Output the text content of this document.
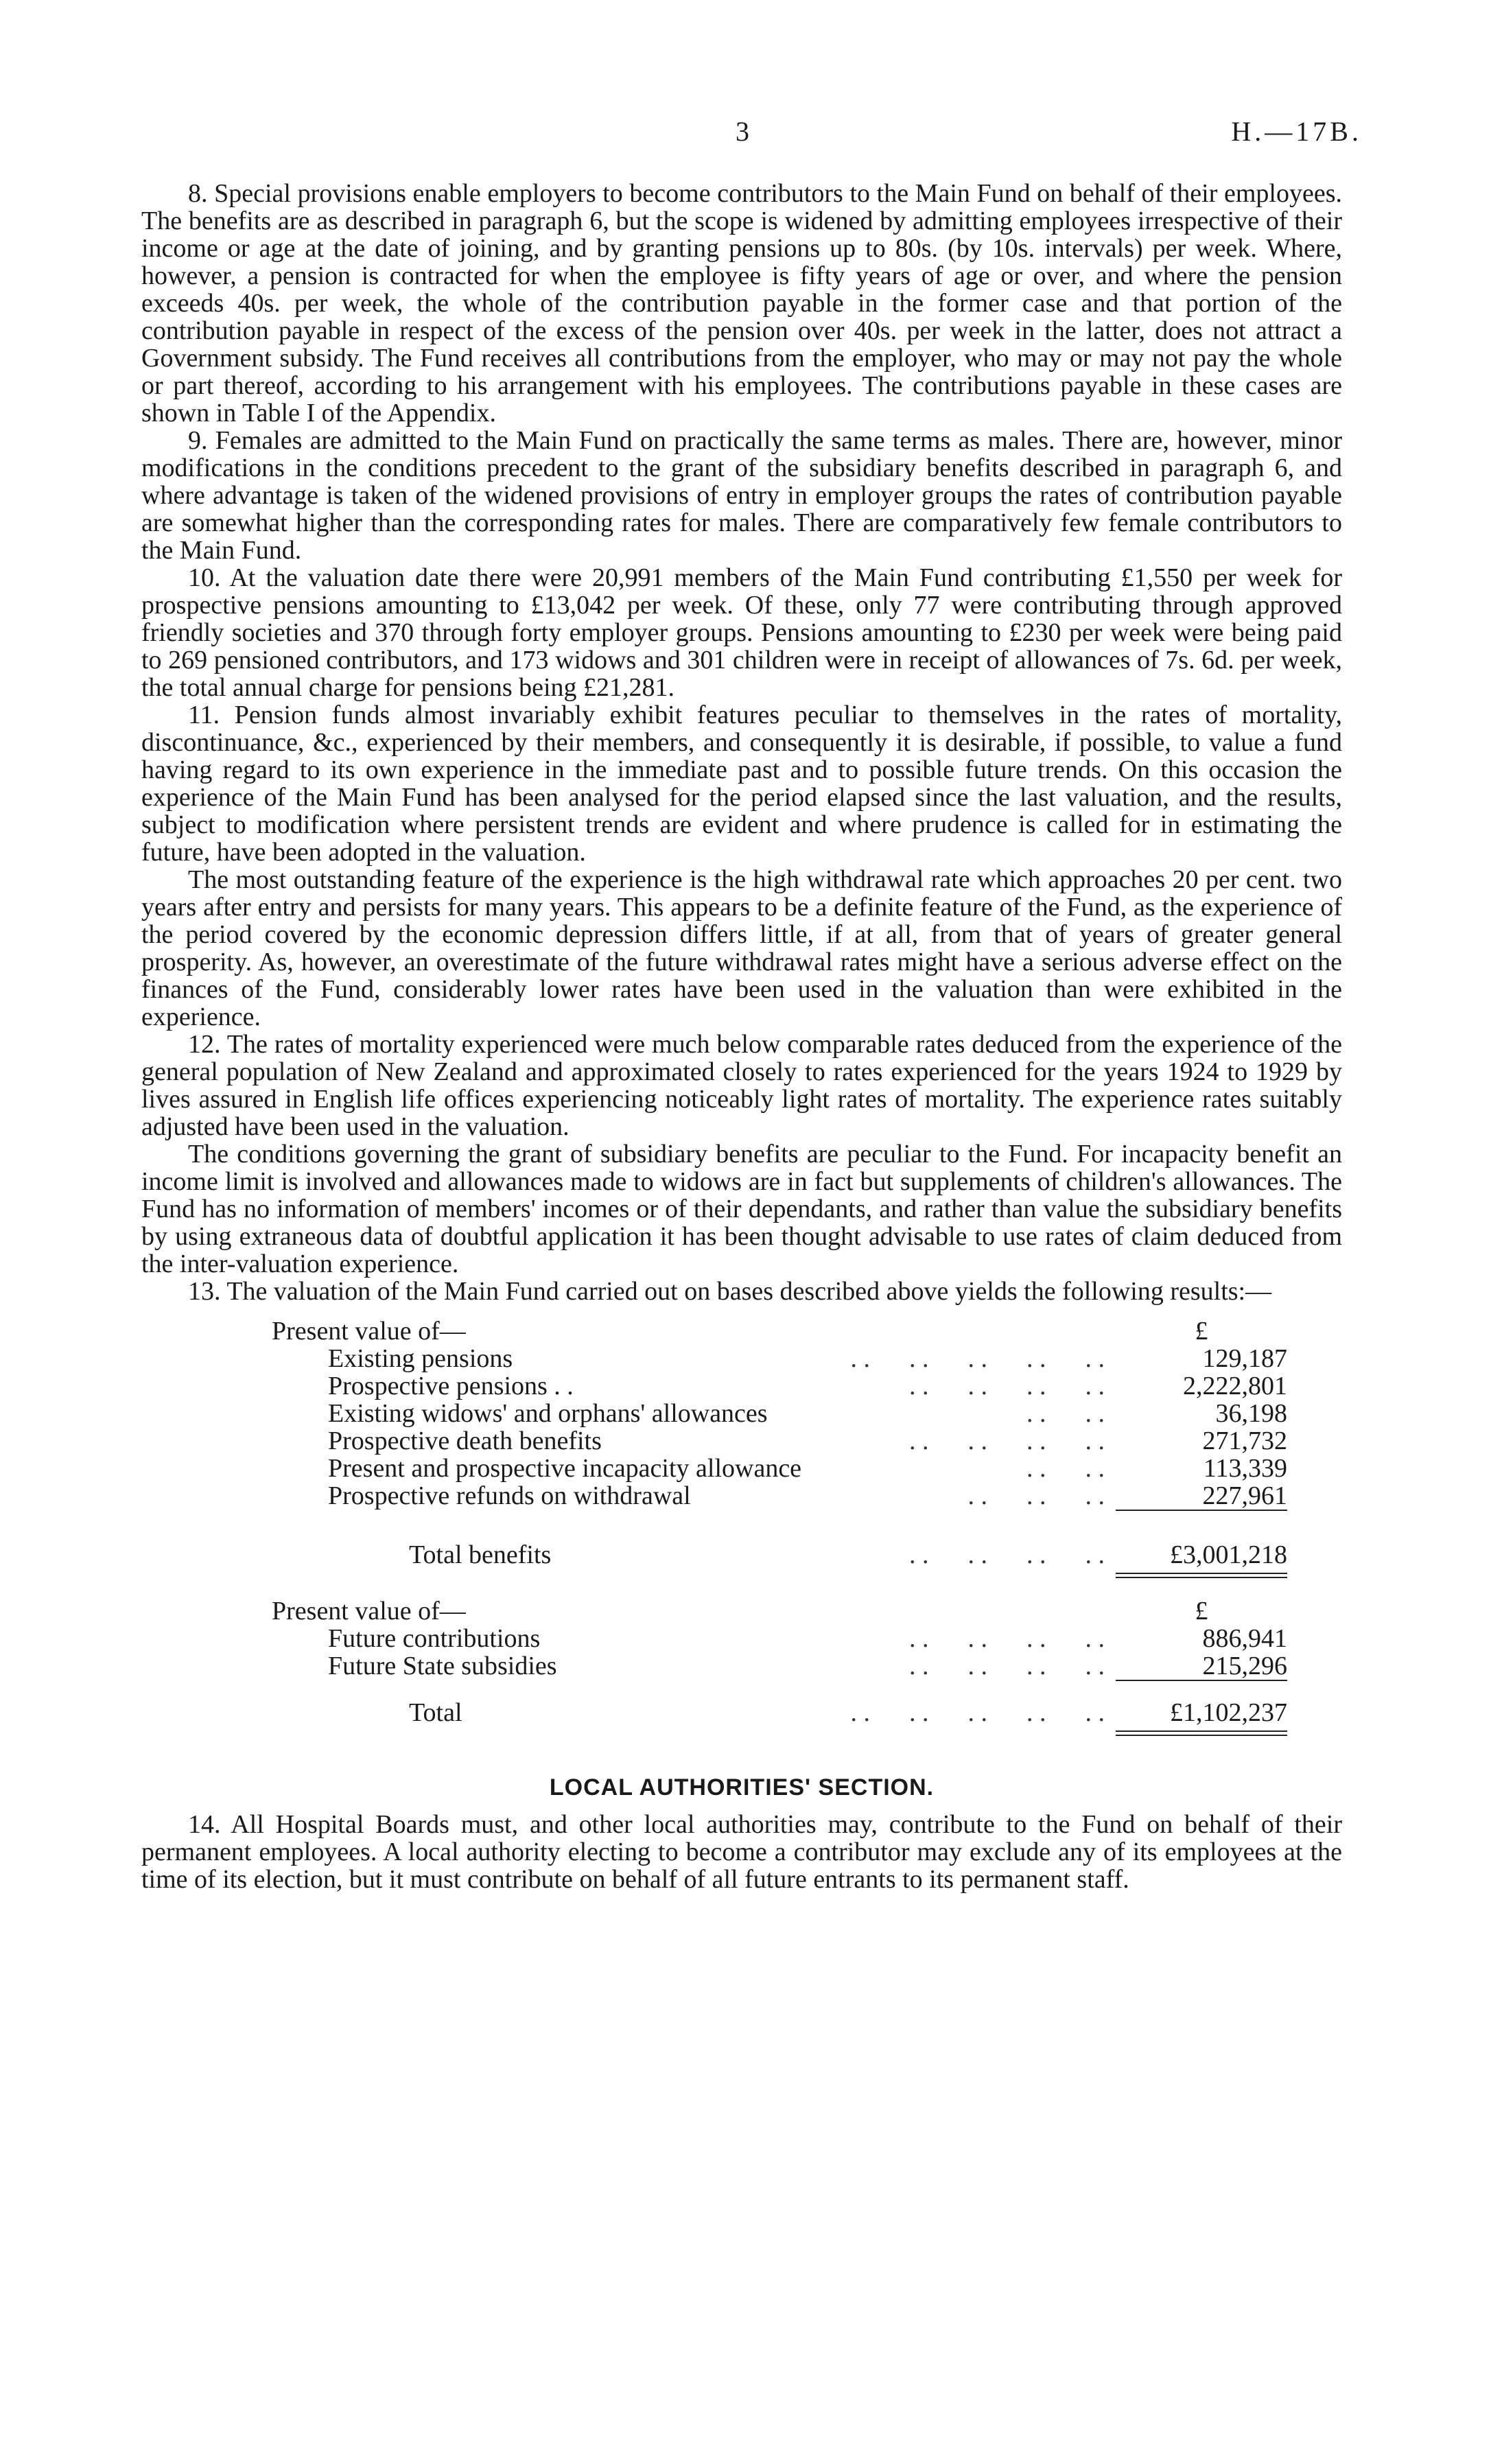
3	H.—17B.

8. Special provisions enable employers to become contributors to the Main Fund on behalf of their employees. The benefits are as described in paragraph 6, but the scope is widened by admitting employees irrespective of their income or age at the date of joining, and by granting pensions up to 80s. (by 10s. intervals) per week. Where, however, a pension is contracted for when the employee is fifty years of age or over, and where the pension exceeds 40s. per week, the whole of the contribution payable in the former case and that portion of the contribution payable in respect of the excess of the pension over 40s. per week in the latter, does not attract a Government subsidy. The Fund receives all contributions from the employer, who may or may not pay the whole or part thereof, according to his arrangement with his employees. The contributions payable in these cases are shown in Table I of the Appendix.

9. Females are admitted to the Main Fund on practically the same terms as males. There are, however, minor modifications in the conditions precedent to the grant of the subsidiary benefits described in paragraph 6, and where advantage is taken of the widened provisions of entry in employer groups the rates of contribution payable are somewhat higher than the corresponding rates for males. There are comparatively few female contributors to the Main Fund.

10. At the valuation date there were 20,991 members of the Main Fund contributing £1,550 per week for prospective pensions amounting to £13,042 per week. Of these, only 77 were contributing through approved friendly societies and 370 through forty employer groups. Pensions amounting to £230 per week were being paid to 269 pensioned contributors, and 173 widows and 301 children were in receipt of allowances of 7s. 6d. per week, the total annual charge for pensions being £21,281.

11. Pension funds almost invariably exhibit features peculiar to themselves in the rates of mortality, discontinuance, &c., experienced by their members, and consequently it is desirable, if possible, to value a fund having regard to its own experience in the immediate past and to possible future trends. On this occasion the experience of the Main Fund has been analysed for the period elapsed since the last valuation, and the results, subject to modification where persistent trends are evident and where prudence is called for in estimating the future, have been adopted in the valuation.

The most outstanding feature of the experience is the high withdrawal rate which approaches 20 per cent. two years after entry and persists for many years. This appears to be a definite feature of the Fund, as the experience of the period covered by the economic depression differs little, if at all, from that of years of greater general prosperity. As, however, an overestimate of the future withdrawal rates might have a serious adverse effect on the finances of the Fund, considerably lower rates have been used in the valuation than were exhibited in the experience.

12. The rates of mortality experienced were much below comparable rates deduced from the experience of the general population of New Zealand and approximated closely to rates experienced for the years 1924 to 1929 by lives assured in English life offices experiencing noticeably light rates of mortality. The experience rates suitably adjusted have been used in the valuation.

The conditions governing the grant of subsidiary benefits are peculiar to the Fund. For incapacity benefit an income limit is involved and allowances made to widows are in fact but supplements of children's allowances. The Fund has no information of members' incomes or of their dependants, and rather than value the subsidiary benefits by using extraneous data of doubtful application it has been thought advisable to use rates of claim deduced from the inter-valuation experience.

13. The valuation of the Main Fund carried out on bases described above yields the following results:—

Present value of—	£
Existing pensions	. .      . .      . .      . .      . .	129,187
Prospective pensions . .	. .      . .      . .      . .	2,222,801
Existing widows' and orphans' allowances	. .      . .	36,198
Prospective death benefits	. .      . .      . .      . .	271,732
Present and prospective incapacity allowance	. .      . .	113,339
Prospective refunds on withdrawal	. .      . .      . .	227,961
Total benefits	. .      . .      . .      . .	£3,001,218
Present value of—	£
Future contributions	. .      . .      . .      . .	886,941
Future State subsidies	. .      . .      . .      . .	215,296
Total	. .      . .      . .      . .      . .	£1,102,237
LOCAL AUTHORITIES' SECTION.

14. All Hospital Boards must, and other local authorities may, contribute to the Fund on behalf of their permanent employees. A local authority electing to become a contributor may exclude any of its employees at the time of its election, but it must contribute on behalf of all future entrants to its permanent staff.
